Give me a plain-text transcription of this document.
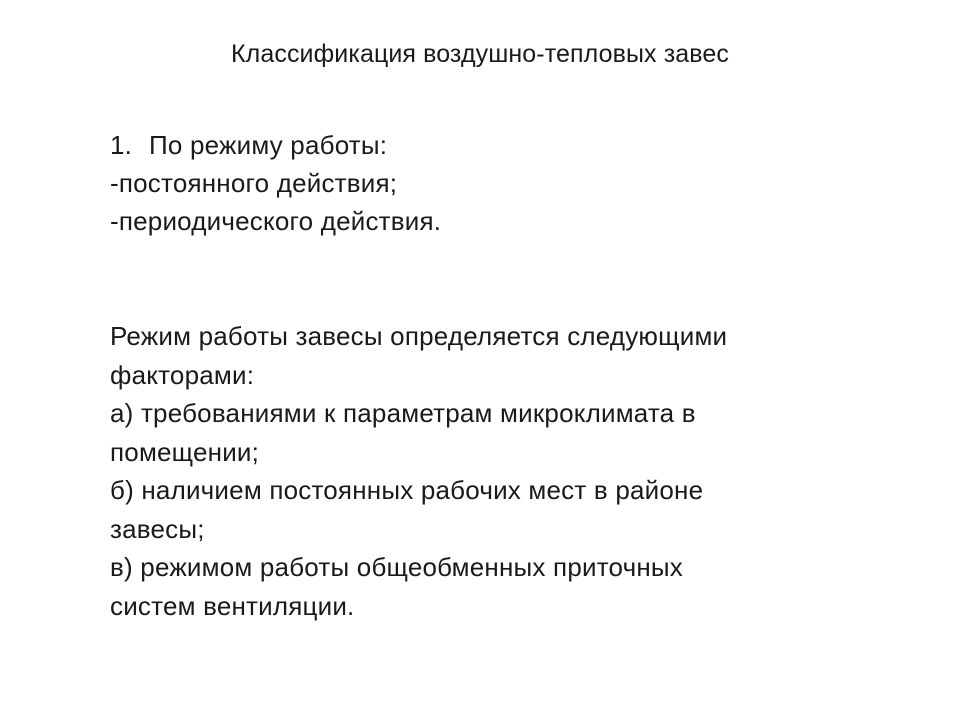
Классификация воздушно-тепловых завес
1. По режиму работы:
-постоянного действия;
-периодического действия.
Режим работы завесы определяется следующими
факторами:
а) требованиями к параметрам микроклимата в
помещении;
б) наличием постоянных рабочих мест в районе
завесы;
в) режимом работы общеобменных приточных
систем вентиляции.
